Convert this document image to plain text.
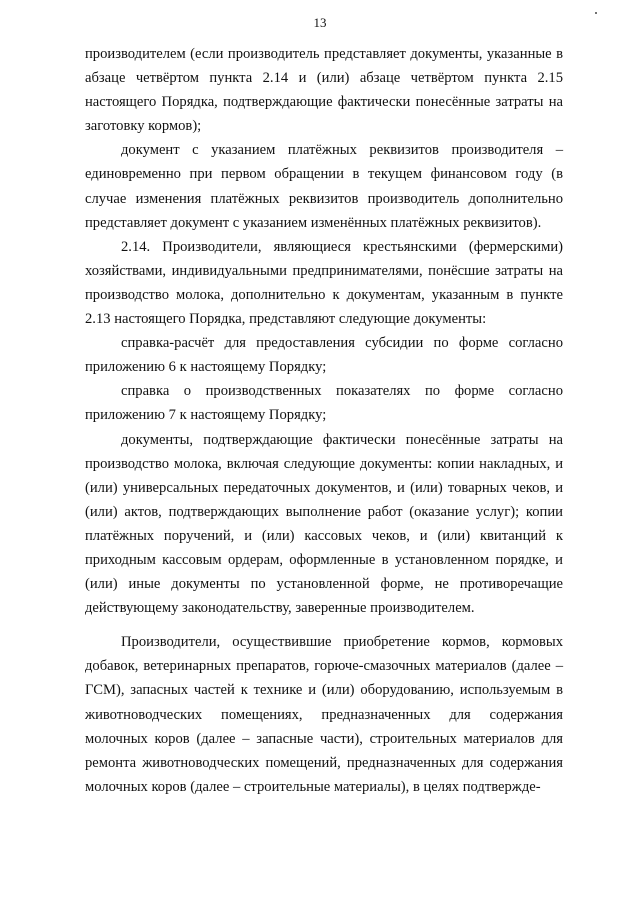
13

производителем (если производитель представляет документы, указанные в абзаце четвёртом пункта 2.14 и (или) абзаце четвёртом пункта 2.15 настоящего Порядка, подтверждающие фактически понесённые затраты на заготовку кормов);

документ с указанием платёжных реквизитов производителя – единовременно при первом обращении в текущем финансовом году (в случае изменения платёжных реквизитов производитель дополнительно представляет документ с указанием изменённых платёжных реквизитов).

2.14. Производители, являющиеся крестьянскими (фермерскими) хозяйствами, индивидуальными предпринимателями, понёсшие затраты на производство молока, дополнительно к документам, указанным в пункте 2.13 настоящего Порядка, представляют следующие документы:

справка-расчёт для предоставления субсидии по форме согласно приложению 6 к настоящему Порядку;

справка о производственных показателях по форме согласно приложению 7 к настоящему Порядку;

документы, подтверждающие фактически понесённые затраты на производство молока, включая следующие документы: копии накладных, и (или) универсальных передаточных документов, и (или) товарных чеков, и (или) актов, подтверждающих выполнение работ (оказание услуг); копии платёжных поручений, и (или) кассовых чеков, и (или) квитанций к приходным кассовым ордерам, оформленные в установленном порядке, и (или) иные документы по установленной форме, не противоречащие действующему законодательству, заверенные производителем.

Производители, осуществившие приобретение кормов, кормовых добавок, ветеринарных препаратов, горюче-смазочных материалов (далее – ГСМ), запасных частей к технике и (или) оборудованию, используемым в животноводческих помещениях, предназначенных для содержания молочных коров (далее – запасные части), строительных материалов для ремонта животноводческих помещений, предназначенных для содержания молочных коров (далее – строительные материалы), в целях подтвержде-
